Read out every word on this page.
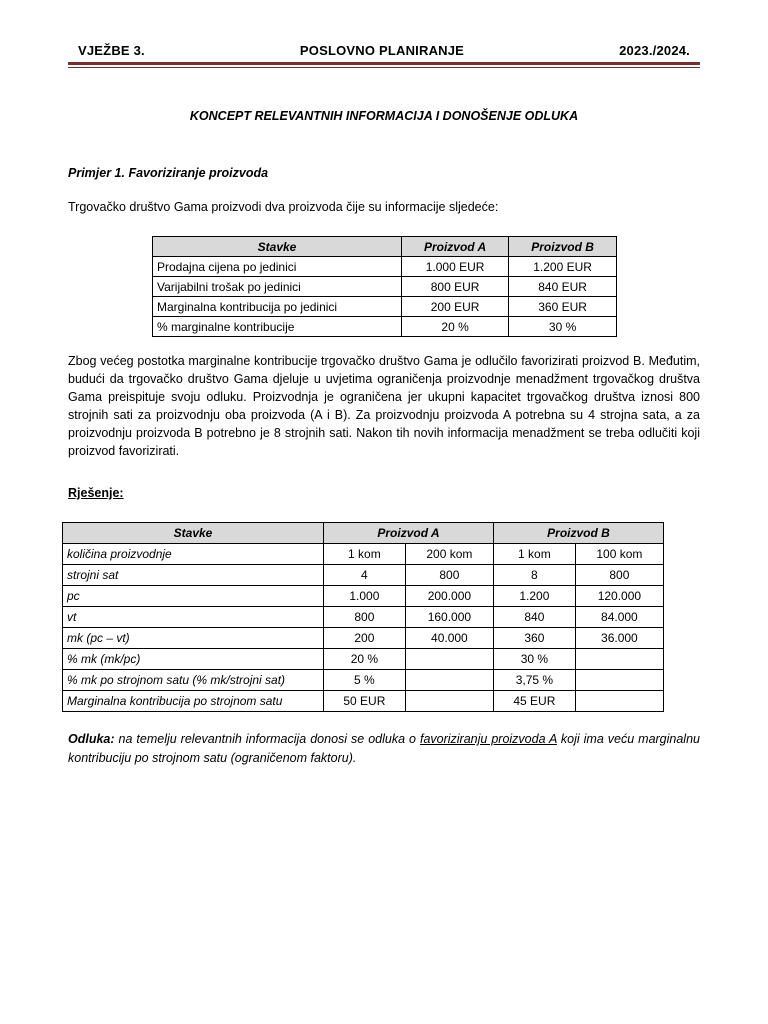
VJEŽBE 3.	POSLOVNO PLANIRANJE	2023./2024.
KONCEPT RELEVANTNIH INFORMACIJA I DONOŠENJE ODLUKA
Primjer 1. Favoriziranje proizvoda
Trgovačko društvo Gama proizvodi dva proizvoda čije su informacije sljedeće:
Stavke	Proizvod A	Proizvod B
Prodajna cijena po jedinici	1.000 EUR	1.200 EUR
Varijabilni trošak po jedinici	800 EUR	840 EUR
Marginalna kontribucija po jedinici	200 EUR	360 EUR
% marginalne kontribucije	20 %	30 %
Zbog većeg postotka marginalne kontribucije trgovačko društvo Gama je odlučilo favorizirati proizvod B. Međutim, budući da trgovačko društvo Gama djeluje u uvjetima ograničenja proizvodnje menadžment trgovačkog društva Gama preispituje svoju odluku. Proizvodnja je ograničena jer ukupni kapacitet trgovačkog društva iznosi 800 strojnih sati za proizvodnju oba proizvoda (A i B). Za proizvodnju proizvoda A potrebna su 4 strojna sata, a za proizvodnju proizvoda B potrebno je 8 strojnih sati. Nakon tih novih informacija menadžment se treba odlučiti koji proizvod favorizirati.
Rješenje:
Stavke	Proizvod A		Proizvod B	
količina proizvodnje	1 kom	200 kom	1 kom	100 kom
strojni sat	4	800	8	800
pc	1.000	200.000	1.200	120.000
vt	800	160.000	840	84.000
mk (pc – vt)	200	40.000	360	36.000
% mk (mk/pc)	20 %		30 %	
% mk po strojnom satu (% mk/strojni sat)	5 %		3,75 %	
Marginalna kontribucija po strojnom satu	50 EUR		45 EUR	
Odluka: na temelju relevantnih informacija donosi se odluka o favoriziranju proizvoda A koji ima veću marginalnu kontribuciju po strojnom satu (ograničenom faktoru).
